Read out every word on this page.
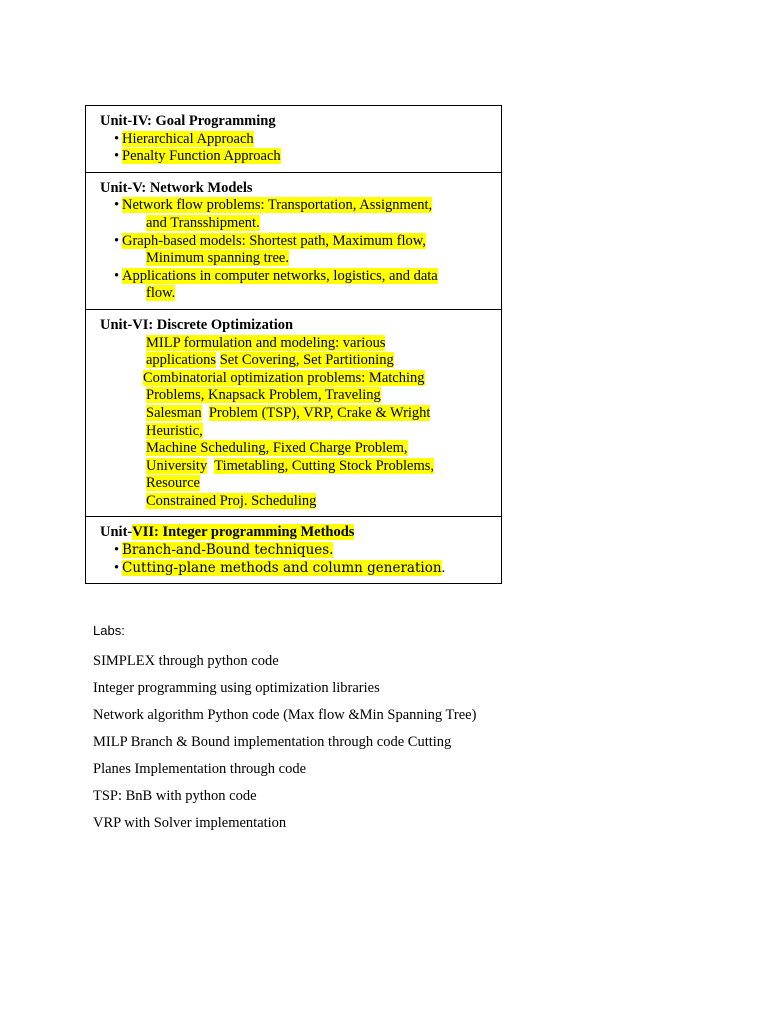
Unit-IV: Goal Programming
• Hierarchical Approach
• Penalty Function Approach

Unit-V: Network Models
• Network flow problems: Transportation, Assignment,
and Transshipment.
• Graph-based models: Shortest path, Maximum flow,
Minimum spanning tree.
• Applications in computer networks, logistics, and data
flow.

Unit-VI: Discrete Optimization
MILP formulation and modeling: various
applications Set Covering, Set Partitioning
Combinatorial optimization problems: Matching
Problems, Knapsack Problem, Traveling
Salesman Problem (TSP), VRP, Crake & Wright
Heuristic,
Machine Scheduling, Fixed Charge Problem,
University Timetabling, Cutting Stock Problems,
Resource
Constrained Proj. Scheduling

Unit-VII: Integer programming Methods
• Branch-and-Bound techniques.
• Cutting-plane methods and column generation.
Labs:
SIMPLEX through python code
Integer programming using optimization libraries
Network algorithm Python code (Max flow &Min Spanning Tree)
MILP Branch & Bound implementation through code Cutting
Planes Implementation through code
TSP: BnB with python code
VRP with Solver implementation
